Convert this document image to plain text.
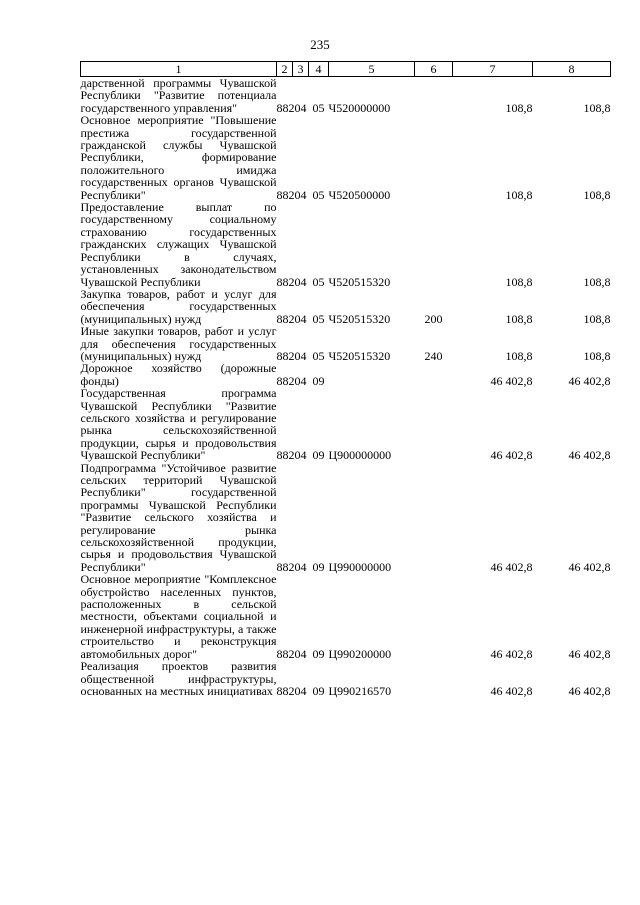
235
1	2	3	4	5	6	7	8
дарственной программы Чувашской Республики "Развитие потенциала государственного управления"	882	04	05	Ч520000000		108,8	108,8
Основное мероприятие "Повышение престижа государственной гражданской службы Чувашской Республики, формирование положительного имиджа государственных органов Чувашской Республики"	882	04	05	Ч520500000		108,8	108,8
Предоставление выплат по государственному социальному страхованию государственных гражданских служащих Чувашской Республики в случаях, установленных законодательством Чувашской Республики	882	04	05	Ч520515320		108,8	108,8
Закупка товаров, работ и услуг для обеспечения государственных (муниципальных) нужд	882	04	05	Ч520515320	200	108,8	108,8
Иные закупки товаров, работ и услуг для обеспечения государственных (муниципальных) нужд	882	04	05	Ч520515320	240	108,8	108,8
Дорожное хозяйство (дорожные фонды)	882	04	09			46 402,8	46 402,8
Государственная программа Чувашской Республики "Развитие сельского хозяйства и регулирование рынка сельскохозяйственной продукции, сырья и продовольствия Чувашской Республики"	882	04	09	Ц900000000		46 402,8	46 402,8
Подпрограмма "Устойчивое развитие сельских территорий Чувашской Республики" государственной программы Чувашской Республики "Развитие сельского хозяйства и регулирование рынка сельскохозяйственной продукции, сырья и продовольствия Чувашской Республики"	882	04	09	Ц990000000		46 402,8	46 402,8
Основное мероприятие "Комплексное обустройство населенных пунктов, расположенных в сельской местности, объектами социальной и инженерной инфраструктуры, а также строительство и реконструкция автомобильных дорог"	882	04	09	Ц990200000		46 402,8	46 402,8
Реализация проектов развития общественной инфраструктуры, основанных на местных инициативах	882	04	09	Ц990216570		46 402,8	46 402,8
